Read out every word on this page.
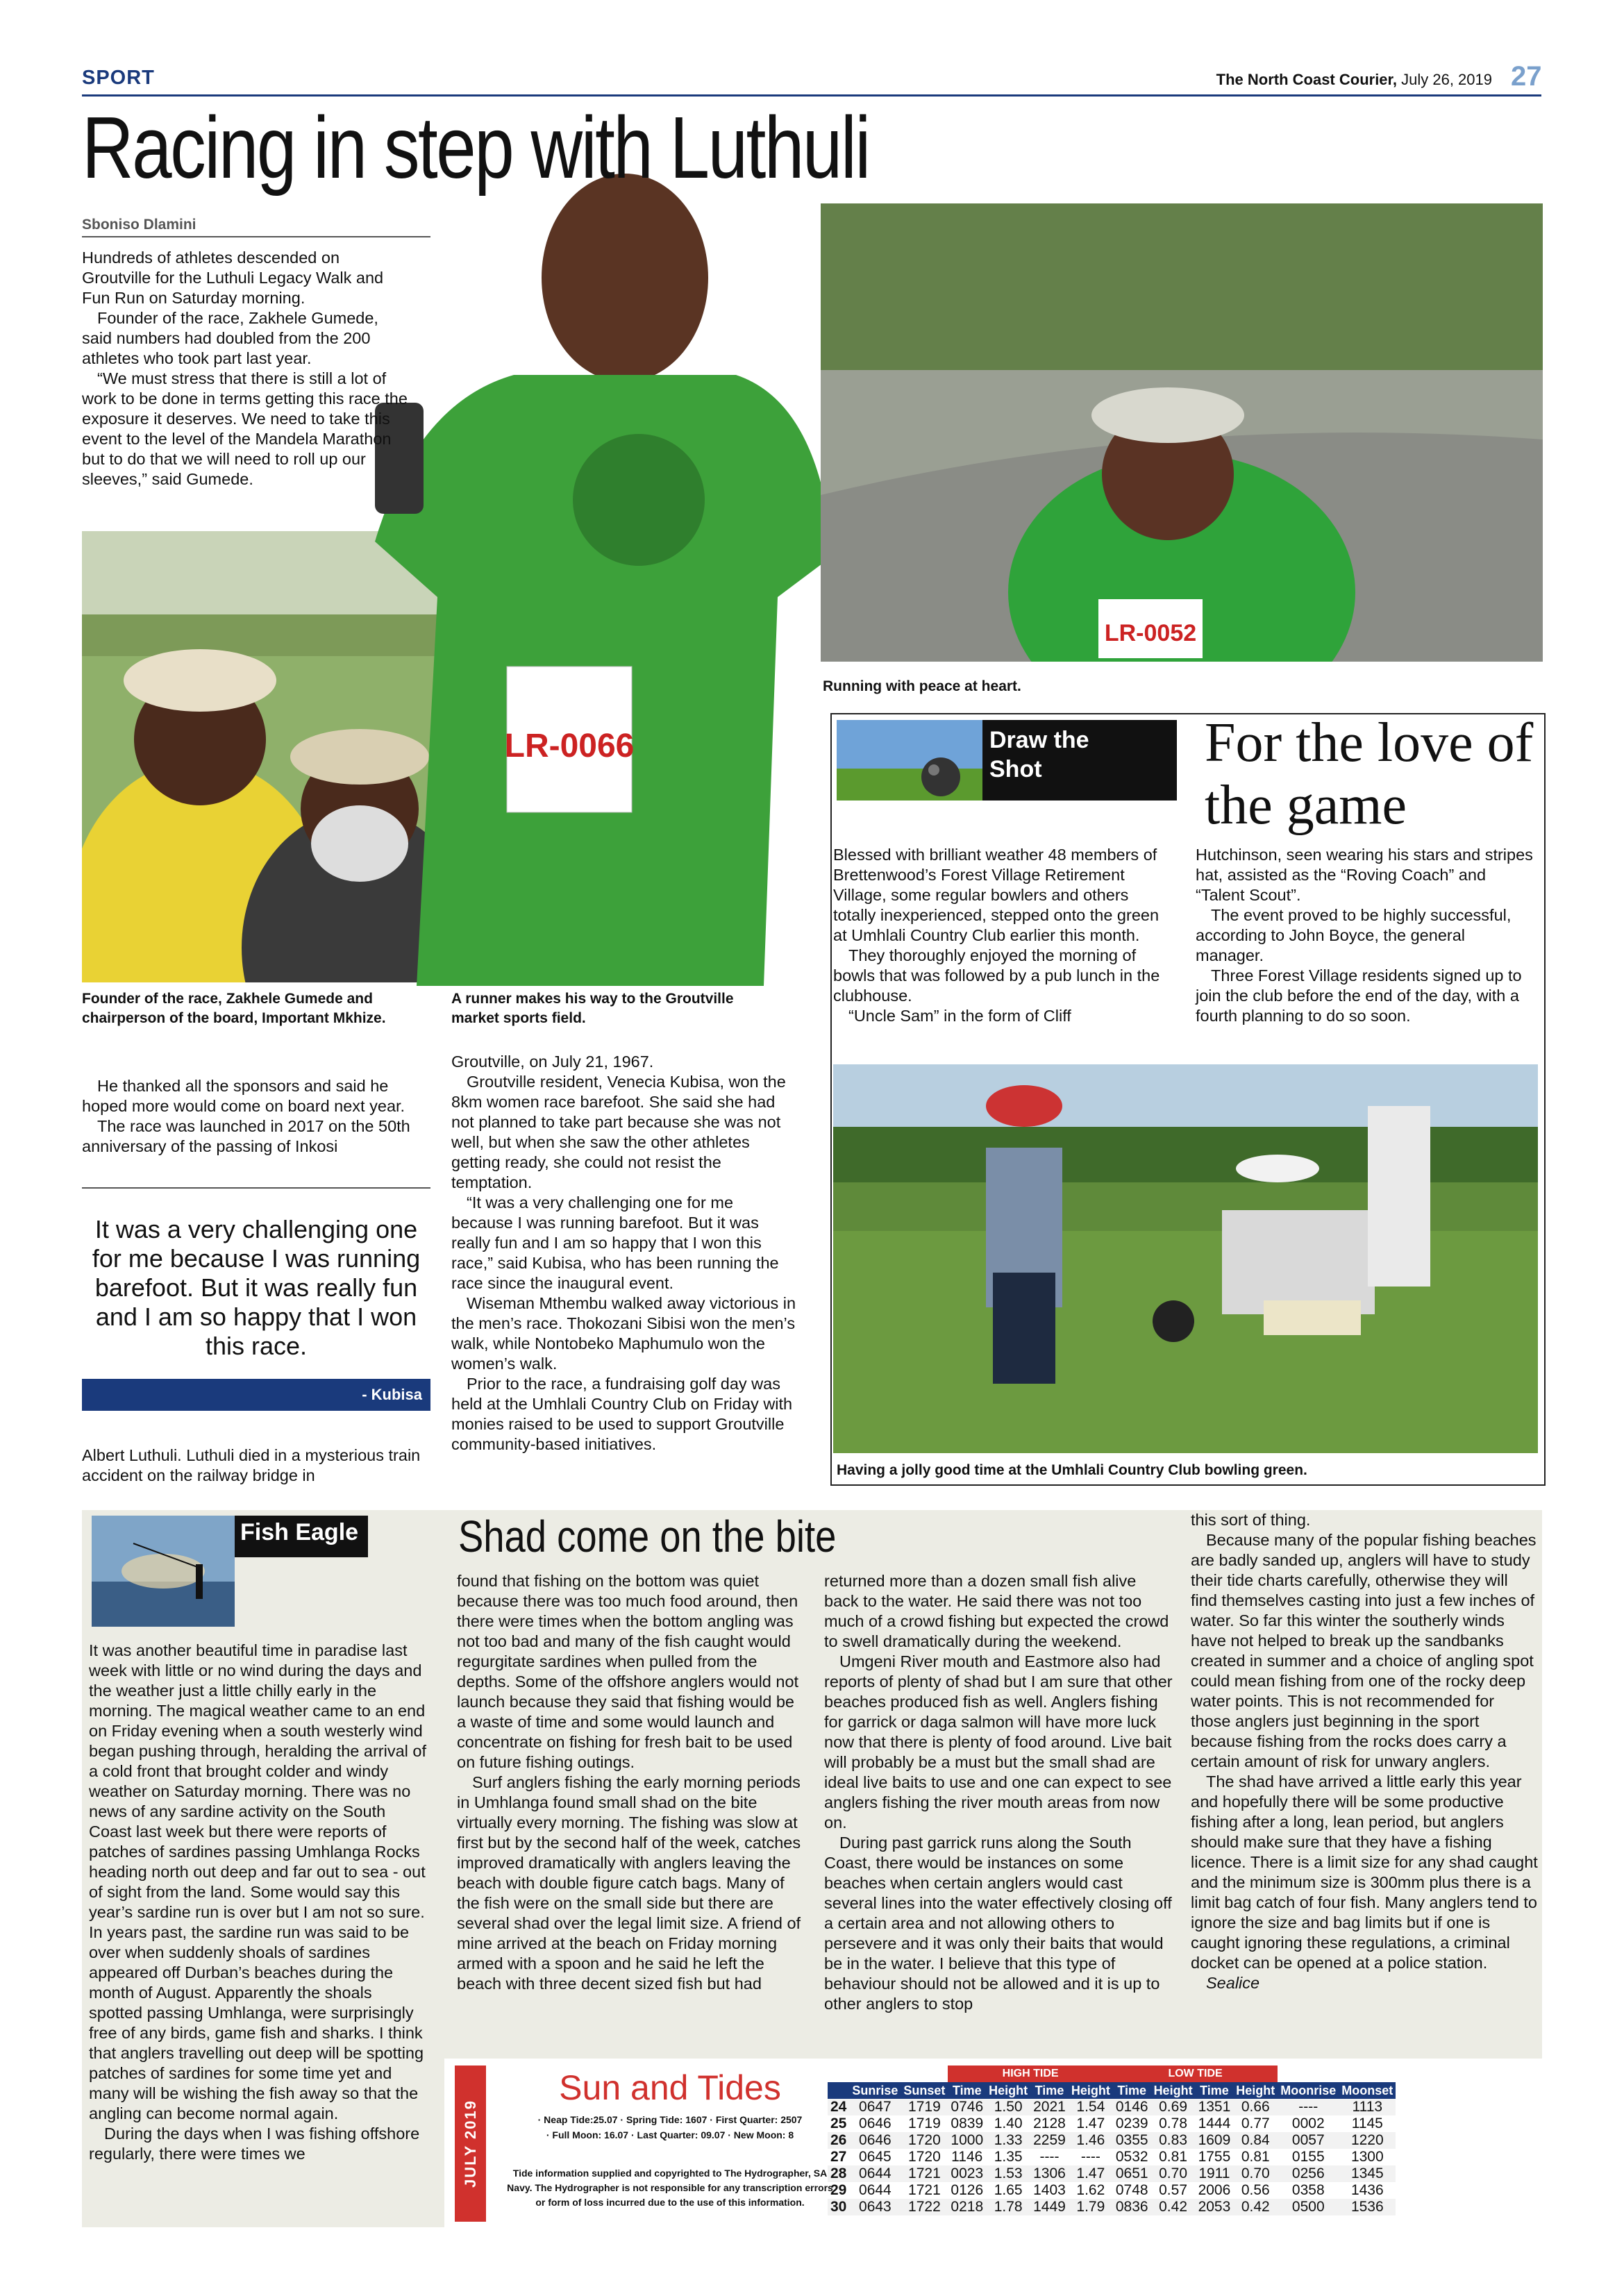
SPORT	The North Coast Courier, July 26, 2019 27
LR-0066
LR-0052
Racing in step with Luthuli
Sboniso Dlamini

Hundreds of athletes descended on Groutville for the Luthuli Legacy Walk and Fun Run on Saturday morning.

Founder of the race, Zakhele Gumede, said numbers had doubled from the 200 athletes who took part last year.

“We must stress that there is still a lot of work to be done in terms getting this race the exposure it deserves. We need to take this event to the level of the Mandela Marathon but to do that we will need to roll up our sleeves,” said Gumede.

Founder of the race, Zakhele Gumede and chairperson of the board, Important Mkhize.
A runner makes his way to the Groutville market sports field.
Running with peace at heart.

He thanked all the sponsors and said he hoped more would come on board next year.

The race was launched in 2017 on the 50th anniversary of the passing of Inkosi

It was a very challenging one for me because I was running barefoot. But it was really fun and I am so happy that I won this race.
- Kubisa

Albert Luthuli. Luthuli died in a mysterious train accident on the railway bridge in

Groutville, on July 21, 1967.

Groutville resident, Venecia Kubisa, won the 8km women race barefoot. She said she had not planned to take part because she was not well, but when she saw the other athletes getting ready, she could not resist the temptation.

“It was a very challenging one for me because I was running barefoot. But it was really fun and I am so happy that I won this race,” said Kubisa, who has been running the race since the inaugural event.

Wiseman Mthembu walked away victorious in the men’s race. Thokozani Sibisi won the men’s walk, while Nontobeko Maphumulo won the women’s walk.

Prior to the race, a fundraising golf day was held at the Umhlali Country Club on Friday with monies raised to be used to support Groutville community-based initiatives.

Draw the Shot	For the love of the game

Blessed with brilliant weather 48 members of Brettenwood’s Forest Village Retirement Village, some regular bowlers and others totally inexperienced, stepped onto the green at Umhlali Country Club earlier this month.

They thoroughly enjoyed the morning of bowls that was followed by a pub lunch in the clubhouse.

“Uncle Sam” in the form of Cliff

Hutchinson, seen wearing his stars and stripes hat, assisted as the “Roving Coach” and “Talent Scout”.

The event proved to be highly successful, according to John Boyce, the general manager.

Three Forest Village residents signed up to join the club before the end of the day, with a fourth planning to do so soon.

Having a jolly good time at the Umhlali Country Club bowling green.
Fish Eagle Shad come on the bite

It was another beautiful time in paradise last week with little or no wind during the days and the weather just a little chilly early in the morning. The magical weather came to an end on Friday evening when a south westerly wind began pushing through, heralding the arrival of a cold front that brought colder and windy weather on Saturday morning. There was no news of any sardine activity on the South Coast last week but there were reports of patches of sardines passing Umhlanga Rocks heading north out deep and far out to sea - out of sight from the land. Some would say this year’s sardine run is over but I am not so sure. In years past, the sardine run was said to be over when suddenly shoals of sardines appeared off Durban’s beaches during the month of August. Apparently the shoals spotted passing Umhlanga, were surprisingly free of any birds, game fish and sharks. I think that anglers travelling out deep will be spotting patches of sardines for some time yet and many will be wishing the fish away so that the angling can become normal again.

During the days when I was fishing offshore regularly, there were times we

found that fishing on the bottom was quiet because there was too much food around, then there were times when the bottom angling was not too bad and many of the fish caught would regurgitate sardines when pulled from the depths. Some of the offshore anglers would not launch because they said that fishing would be a waste of time and some would launch and concentrate on fishing for fresh bait to be used on future fishing outings.

Surf anglers fishing the early morning periods in Umhlanga found small shad on the bite virtually every morning. The fishing was slow at first but by the second half of the week, catches improved dramatically with anglers leaving the beach with double figure catch bags. Many of the fish were on the small side but there are several shad over the legal limit size. A friend of mine arrived at the beach on Friday morning armed with a spoon and he said he left the beach with three decent sized fish but had

returned more than a dozen small fish alive back to the water. He said there was not too much of a crowd fishing but expected the crowd to swell dramatically during the weekend.

Umgeni River mouth and Eastmore also had reports of plenty of shad but I am sure that other beaches produced fish as well. Anglers fishing for garrick or daga salmon will have more luck now that there is plenty of food around. Live bait will probably be a must but the small shad are ideal live baits to use and one can expect to see anglers fishing the river mouth areas from now on.

During past garrick runs along the South Coast, there would be instances on some beaches when certain anglers would cast several lines into the water effectively closing off a certain area and not allowing others to persevere and it was only their baits that would be in the water. I believe that this type of behaviour should not be allowed and it is up to other anglers to stop

this sort of thing.

Because many of the popular fishing beaches are badly sanded up, anglers will have to study their tide charts carefully, otherwise they will find themselves casting into just a few inches of water. So far this winter the southerly winds have not helped to break up the sandbanks created in summer and a choice of angling spot could mean fishing from one of the rocky deep water points. This is not recommended for those anglers just beginning in the sport because fishing from the rocks does carry a certain amount of risk for unwary anglers.

The shad have arrived a little early this year and hopefully there will be some productive fishing after a long, lean period, but anglers should make sure that they have a fishing licence. There is a limit size for any shad caught and the minimum size is 300mm plus there is a limit bag catch of four fish. Many anglers tend to ignore the size and bag limits but if one is caught ignoring these regulations, a criminal docket can be opened at a police station.

Sealice

JULY 2019
Sun and Tides
· Neap Tide:25.07 · Spring Tide: 1607 · First Quarter: 2507
· Full Moon: 16.07 · Last Quarter: 09.07 · New Moon: 8
Tide information supplied and copyrighted to The Hydrographer, SA Navy. The Hydrographer is not responsible for any transcription errors or form of loss incurred due to the use of this information.
			HIGH TIDE				LOW TIDE					
	Sunrise	Sunset	Time	Height	Time	Height	Time	Height	Time	Height	Moonrise	Moonset
24	0647	1719	0746	1.50	2021	1.54	0146	0.69	1351	0.66	----	1113
25	0646	1719	0839	1.40	2128	1.47	0239	0.78	1444	0.77	0002	1145
26	0646	1720	1000	1.33	2259	1.46	0355	0.83	1609	0.84	0057	1220
27	0645	1720	1146	1.35	----	----	0532	0.81	1755	0.81	0155	1300
28	0644	1721	0023	1.53	1306	1.47	0651	0.70	1911	0.70	0256	1345
29	0644	1721	0126	1.65	1403	1.62	0748	0.57	2006	0.56	0358	1436
30	0643	1722	0218	1.78	1449	1.79	0836	0.42	2053	0.42	0500	1536
